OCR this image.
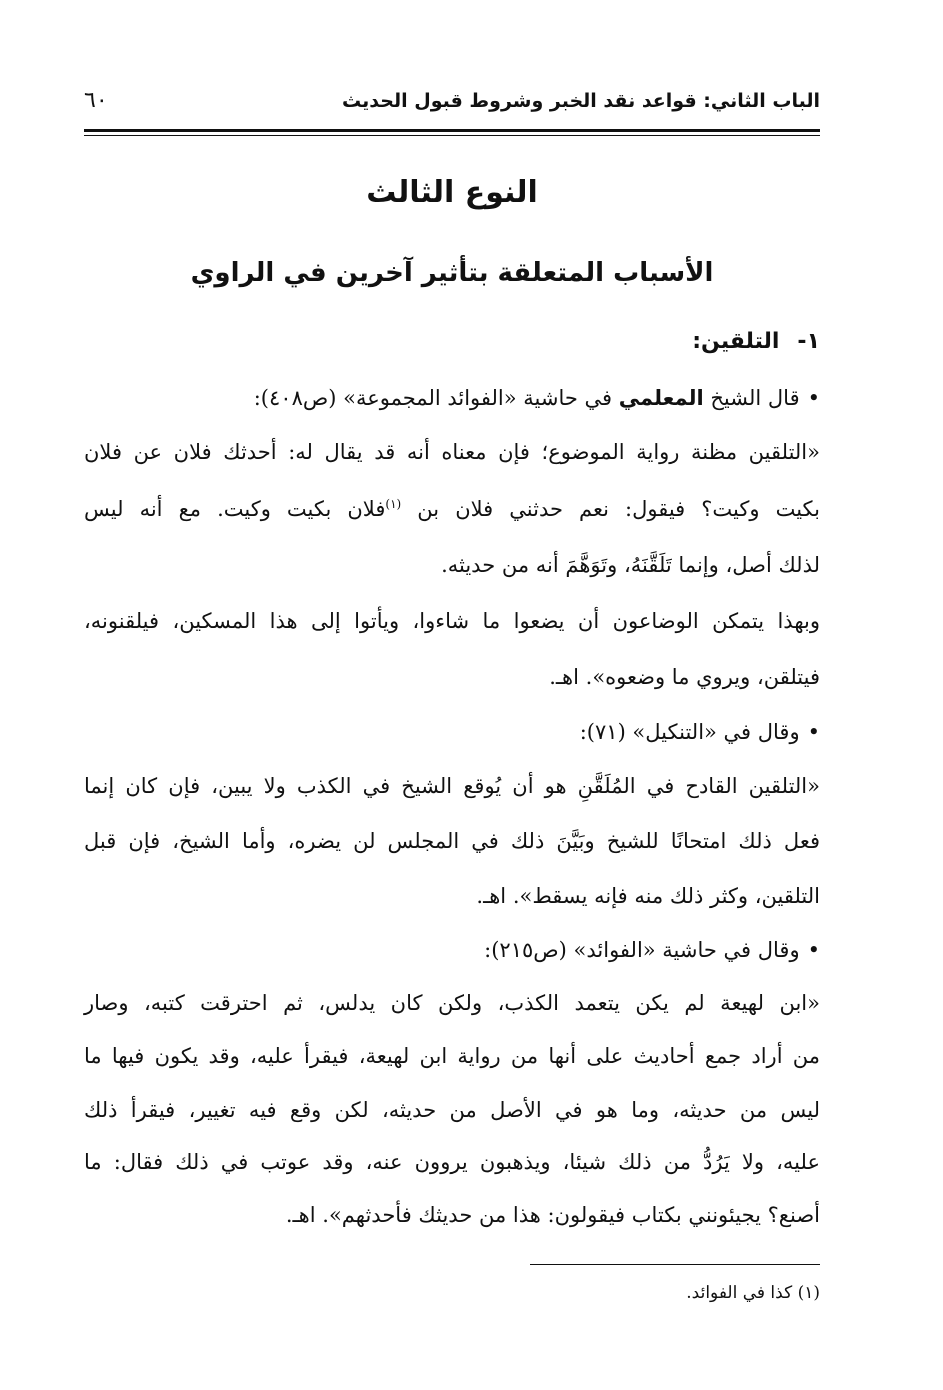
الباب الثاني: قواعد نقد الخبر وشروط قبول الحديث
٦٠
النوع الثالث
الأسباب المتعلقة بتأثير آخرين في الراوي
١-التلقين:
•قال الشيخ المعلمي في حاشية «الفوائد المجموعة» (ص٤٠٨):
«التلقين مظنة رواية الموضوع؛ فإن معناه أنه قد يقال له: أحدثك فلان عن فلان
بكيت وكيت؟ فيقول: نعم حدثني فلان بن $^{(١)}$فلان بكيت وكيت. مع أنه ليس
لذلك أصل، وإنما تَلَقَّنَهُ، وتَوَهَّمَ أنه من حديثه.
وبهذا يتمكن الوضاعون أن يضعوا ما شاءوا، ويأتوا إلى هذا المسكين، فيلقنونه،
فيتلقن، ويروي ما وضعوه». اهـ.
•وقال في «التنكيل» (٧١):
«التلقين القادح في المُلَقَّنِ هو أن يُوقع الشيخ في الكذب ولا يبين، فإن كان إنما
فعل ذلك امتحانًا للشيخ وبَيَّنَ ذلك في المجلس لن يضره، وأما الشيخ، فإن قبل
التلقين، وكثر ذلك منه فإنه يسقط». اهـ.
•وقال في حاشية «الفوائد» (ص٢١٥):
«ابن لهيعة لم يكن يتعمد الكذب، ولكن كان يدلس، ثم احترقت كتبه، وصار
من أراد جمع أحاديث على أنها من رواية ابن لهيعة، فيقرأ عليه، وقد يكون فيها ما
ليس من حديثه، وما هو في الأصل من حديثه، لكن وقع فيه تغيير، فيقرأ ذلك
عليه، ولا يَرُدُّ من ذلك شيئا، ويذهبون يروون عنه، وقد عوتب في ذلك فقال: ما
أصنع؟ يجيئونني بكتاب فيقولون: هذا من حديثك فأحدثهم». اهـ.
(١) كذا في الفوائد.
